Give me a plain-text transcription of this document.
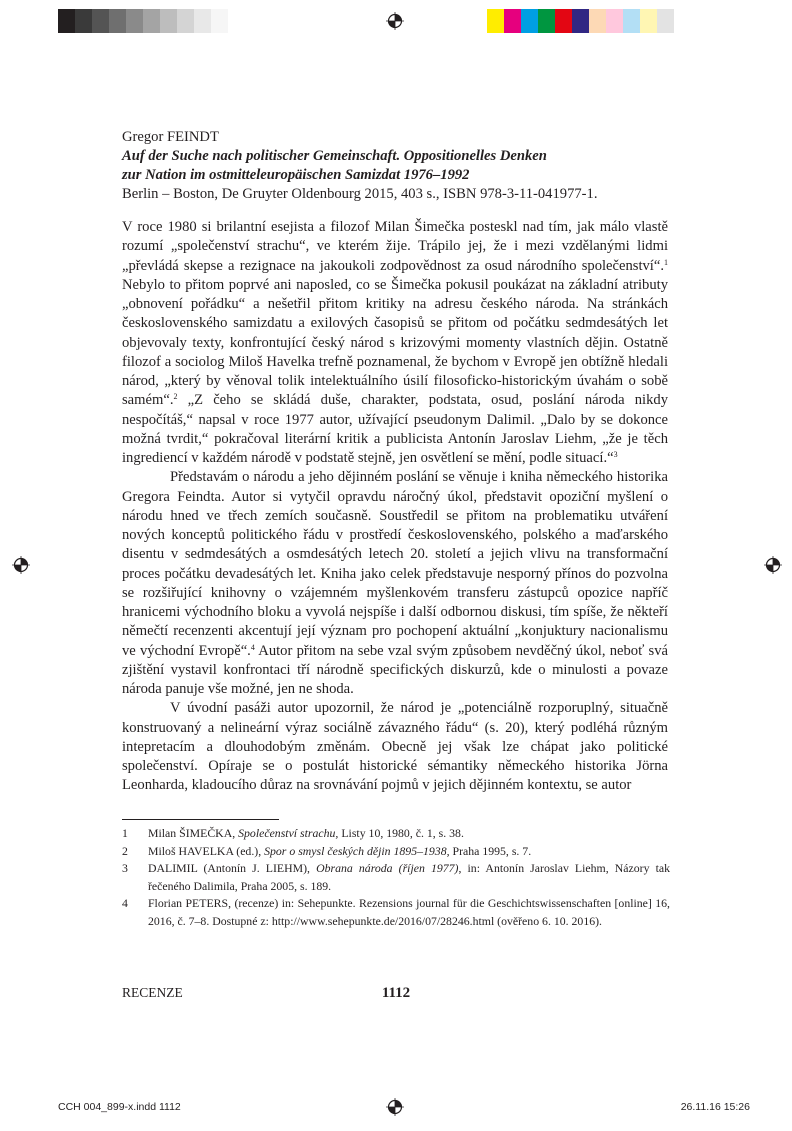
Gregor FEINDT
Auf der Suche nach politischer Gemeinschaft. Oppositionelles Denken
zur Nation im ostmitteleuropäischen Samizdat 1976–1992
Berlin – Boston, De Gruyter Oldenbourg 2015, 403 s., ISBN 978-3-11-041977-1.

V roce 1980 si brilantní esejista a filozof Milan Šimečka posteskl nad tím, jak málo vlastě rozumí „společenství strachu“, ve kterém žije. Trápilo jej, že i mezi vzdělanými lidmi „převládá skepse a rezignace na jakoukoli zodpovědnost za osud národního společenství“.$^1$ Nebylo to přitom poprvé ani naposled, co se Šimečka pokusil poukázat na základní atributy „obnovení pořádku“ a nešetřil přitom kritiky na adresu českého národa. Na stránkách československého samizdatu a exilových časopisů se přitom od počátku sedmdesátých let objevovaly texty, konfrontující český národ s krizovými momenty vlastních dějin. Ostatně filozof a sociolog Miloš Havelka trefně poznamenal, že bychom v Evropě jen obtížně hledali národ, „který by věnoval tolik intelektuálního úsilí filosoficko-historickým úvahám o sobě samém“.$^2$ „Z čeho se skládá duše, charakter, podstata, osud, poslání národa nikdy nespočítáš,“ napsal v roce 1977 autor, užívající pseudonym Dalimil. „Dalo by se dokonce možná tvrdit,“ pokračoval literární kritik a publicista Antonín Jaroslav Liehm, „že je těch ingrediencí v každém národě v podstatě stejně, jen osvětlení se mění, podle situací.“$^3$

Představám o národu a jeho dějinném poslání se věnuje i kniha německého historika Gregora Feindta. Autor si vytyčil opravdu náročný úkol, představit opoziční myšlení o národu hned ve třech zemích současně. Soustředil se přitom na problematiku utváření nových konceptů politického řádu v prostředí československého, polského a maďarského disentu v sedmdesátých a osmdesátých letech 20. století a jejich vlivu na transformační proces počátku devadesátých let. Kniha jako celek představuje nesporný přínos do pozvolna se rozšiřující knihovny o vzájemném myšlenkovém transferu zástupců opozice napříč hranicemi východního bloku a vyvolá nejspíše i další odbornou diskusi, tím spíše, že někteří němečtí recenzenti akcentují její význam pro pochopení aktuální „konjuktury nacionalismu ve východní Evropě“.$^4$ Autor přitom na sebe vzal svým způsobem nevděčný úkol, neboť svá zjištění vystavil konfrontaci tří národně specifických diskurzů, kde o minulosti a povaze národa panuje vše možné, jen ne shoda.

V úvodní pasáži autor upozornil, že národ je „potenciálně rozporuplný, situačně konstruovaný a nelineární výraz sociálně závazného řádu“ (s. 20), který podléhá různým intepretacím a dlouhodobým změnám. Obecně jej však lze chápat jako politické společenství. Opíraje se o postulát historické sémantiky německého historika Jörna Leonharda, kladoucího důraz na srovnávání pojmů v jejich dějinném kontextu, se autor

1	Milan ŠIMEČKA, Společenství strachu, Listy 10, 1980, č. 1, s. 38.
2	Miloš HAVELKA (ed.), Spor o smysl českých dějin 1895–1938, Praha 1995, s. 7.
3	DALIMIL (Antonín J. LIEHM), Obrana národa (říjen 1977), in: Antonín Jaroslav Liehm, Názory tak řečeného Dalimila, Praha 2005, s. 189.
4	Florian PETERS, (recenze) in: Sehepunkte. Rezensions journal für die Geschichtswissenschaften [online] 16, 2016, č. 7–8. Dostupné z: http://www.sehepunkte.de/2016/07/28246.html (ověřeno 6. 10. 2016).
RECENZE	1112
CCH 004_899-x.indd 1112	26.11.16 15:26
